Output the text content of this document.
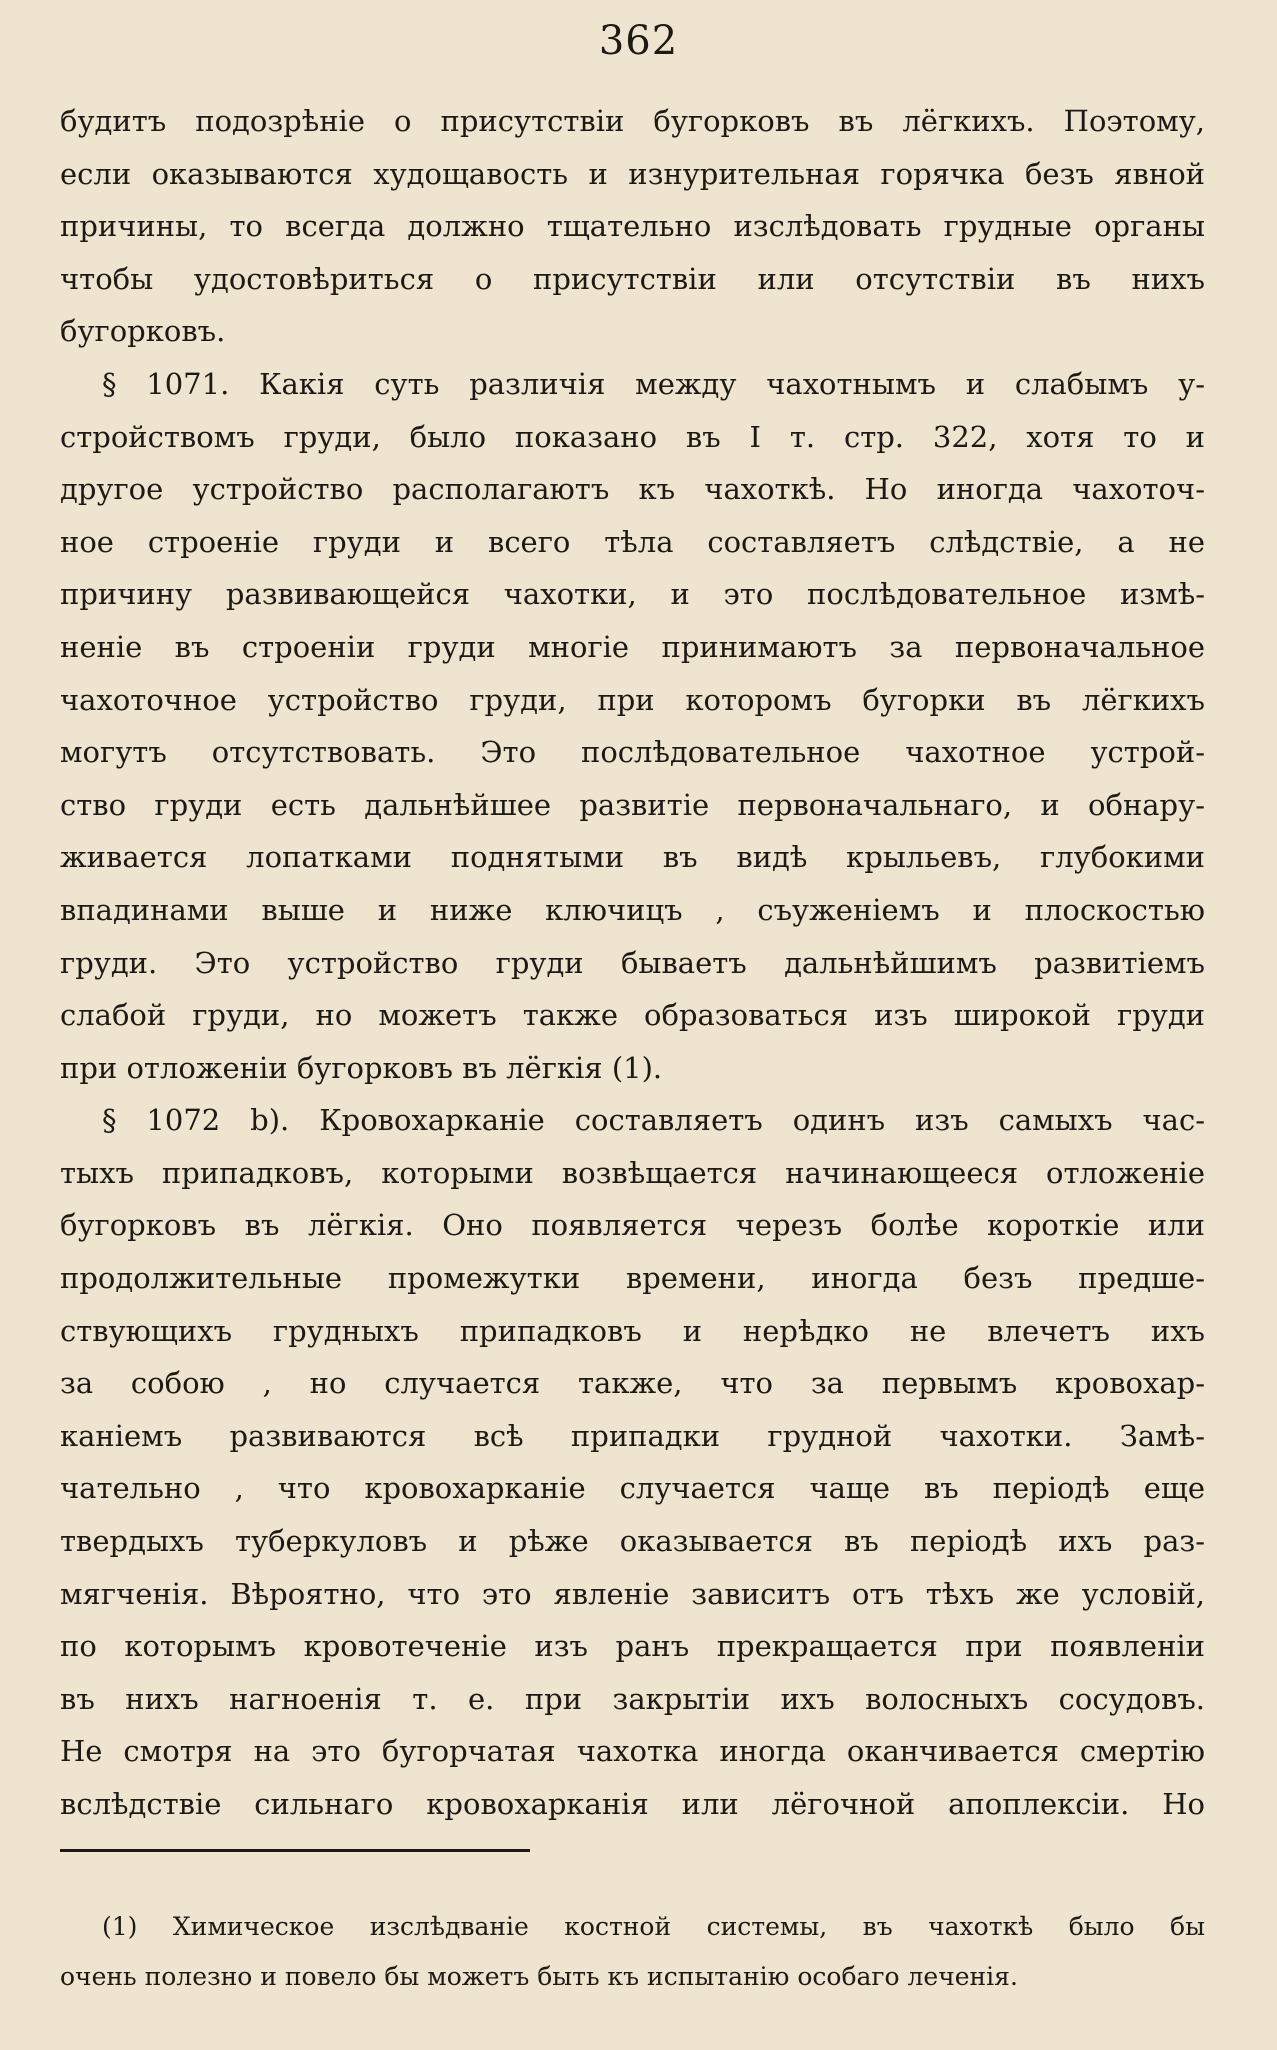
362
будитъ подозрѣніе о присутствіи бугорковъ въ лёгкихъ. Поэтому,
если оказываются худощавость и изнурительная горячка безъ явной
причины, то всегда должно тщательно изслѣдовать грудные органы
чтобы удостовѣриться о присутствіи или отсутствіи въ нихъ
бугорковъ.
§ 1071. Какія суть различія между чахотнымъ и слабымъ у-
стройствомъ груди, было показано въ I т. стр. 322, хотя то и
другое устройство располагаютъ къ чахоткѣ. Но иногда чахоточ-
ное строеніе груди и всего тѣла составляетъ слѣдствіе, а не
причину развивающейся чахотки, и это послѣдовательное измѣ-
неніе въ строеніи груди многіе принимаютъ за первоначальное
чахоточное устройство груди, при которомъ бугорки въ лёгкихъ
могутъ отсутствовать. Это послѣдовательное чахотное устрой-
ство груди есть дальнѣйшее развитіе первоначальнаго, и обнару-
живается лопатками поднятыми въ видѣ крыльевъ, глубокими
впадинами выше и ниже ключицъ , съуженіемъ и плоскостью
груди. Это устройство груди бываетъ дальнѣйшимъ развитіемъ
слабой груди, но можетъ также образоваться изъ широкой груди
при отложеніи бугорковъ въ лёгкія (1).
§ 1072 b). Кровохарканіе составляетъ одинъ изъ самыхъ час-
тыхъ припадковъ, которыми возвѣщается начинающееся отложеніе
бугорковъ въ лёгкія. Оно появляется черезъ болѣе короткіе или
продолжительные промежутки времени, иногда безъ предше-
ствующихъ грудныхъ припадковъ и нерѣдко не влечетъ ихъ
за собою , но случается также, что за первымъ кровохар-
каніемъ развиваются всѣ припадки грудной чахотки. Замѣ-
чательно , что кровохарканіе случается чаще въ періодѣ еще
твердыхъ туберкуловъ и рѣже оказывается въ періодѣ ихъ раз-
мягченія. Вѣроятно, что это явленіе зависитъ отъ тѣхъ же условій,
по которымъ кровотеченіе изъ ранъ прекращается при появленіи
въ нихъ нагноенія т. е. при закрытіи ихъ волосныхъ сосудовъ.
Не смотря на это бугорчатая чахотка иногда оканчивается смертію
вслѣдствіе сильнаго кровохарканія или лёгочной апоплексіи. Но
(1) Химическое изслѣдваніе костной системы, въ чахоткѣ было бы
очень полезно и повело бы можетъ быть къ испытанію особаго леченія.
